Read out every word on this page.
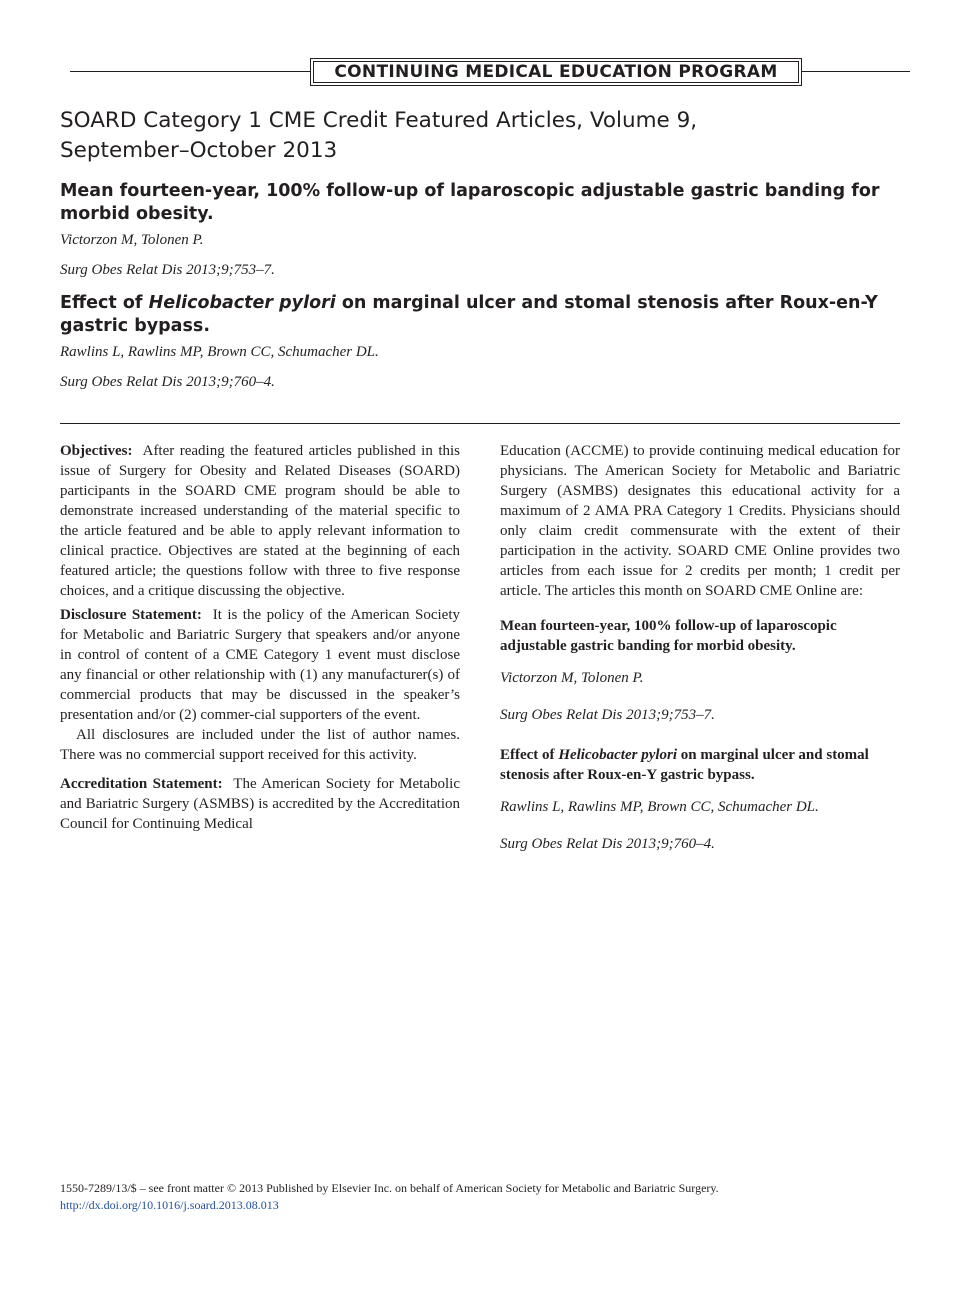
CONTINUING MEDICAL EDUCATION PROGRAM
SOARD Category 1 CME Credit Featured Articles, Volume 9, September–October 2013
Mean fourteen-year, 100% follow-up of laparoscopic adjustable gastric banding for morbid obesity.

Victorzon M, Tolonen P.

Surg Obes Relat Dis 2013;9;753–7.

Effect of Helicobacter pylori on marginal ulcer and stomal stenosis after Roux-en-Y gastric bypass.

Rawlins L, Rawlins MP, Brown CC, Schumacher DL.

Surg Obes Relat Dis 2013;9;760–4.

Objectives: After reading the featured articles published in this issue of Surgery for Obesity and Related Diseases (SOARD) participants in the SOARD CME program should be able to demonstrate increased understanding of the material specific to the article featured and be able to apply relevant information to clinical practice. Objectives are stated at the beginning of each featured article; the questions follow with three to five response choices, and a critique discussing the objective.

Disclosure Statement: It is the policy of the American Society for Metabolic and Bariatric Surgery that speakers and/or anyone in control of content of a CME Category 1 event must disclose any financial or other relationship with (1) any manufacturer(s) of commercial products that may be discussed in the speaker’s presentation and/or (2) commer-cial supporters of the event.

All disclosures are included under the list of author names. There was no commercial support received for this activity.

Accreditation Statement: The American Society for Metabolic and Bariatric Surgery (ASMBS) is accredited by the Accreditation Council for Continuing Medical

Education (ACCME) to provide continuing medical education for physicians. The American Society for Metabolic and Bariatric Surgery (ASMBS) designates this educational activity for a maximum of 2 AMA PRA Category 1 Credits. Physicians should only claim credit commensurate with the extent of their participation in the activity. SOARD CME Online provides two articles from each issue for 2 credits per month; 1 credit per article. The articles this month on SOARD CME Online are:

Mean fourteen-year, 100% follow-up of laparoscopic adjustable gastric banding for morbid obesity.

Victorzon M, Tolonen P.

Surg Obes Relat Dis 2013;9;753–7.

Effect of Helicobacter pylori on marginal ulcer and stomal stenosis after Roux-en-Y gastric bypass.

Rawlins L, Rawlins MP, Brown CC, Schumacher DL.

Surg Obes Relat Dis 2013;9;760–4.

1550-7289/13/$ – see front matter © 2013 Published by Elsevier Inc. on behalf of American Society for Metabolic and Bariatric Surgery.

http://dx.doi.org/10.1016/j.soard.2013.08.013
